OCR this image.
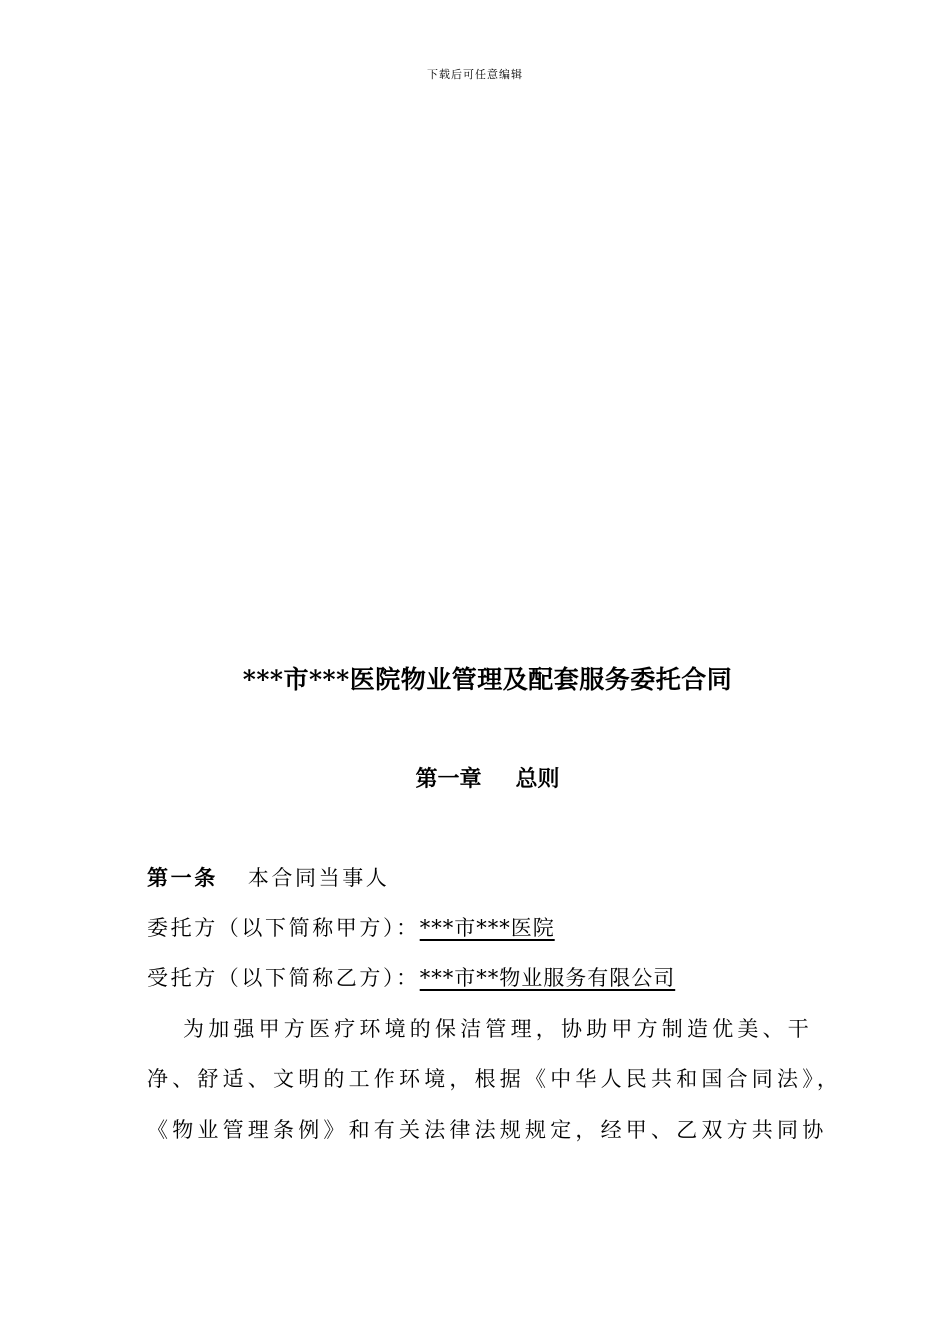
下载后可任意编辑
***市***医院物业管理及配套服务委托合同
第一章 总则
第一条 本合同当事人
委托方（以下简称甲方）：***市***医院
受托方（以下简称乙方）：***市**物业服务有限公司
为加强甲方医疗环境的保洁管理，协助甲方制造优美、干
净、舒适、文明的工作环境，根据《中华人民共和国合同法》，
《物业管理条例》和有关法律法规规定，经甲、乙双方共同协
